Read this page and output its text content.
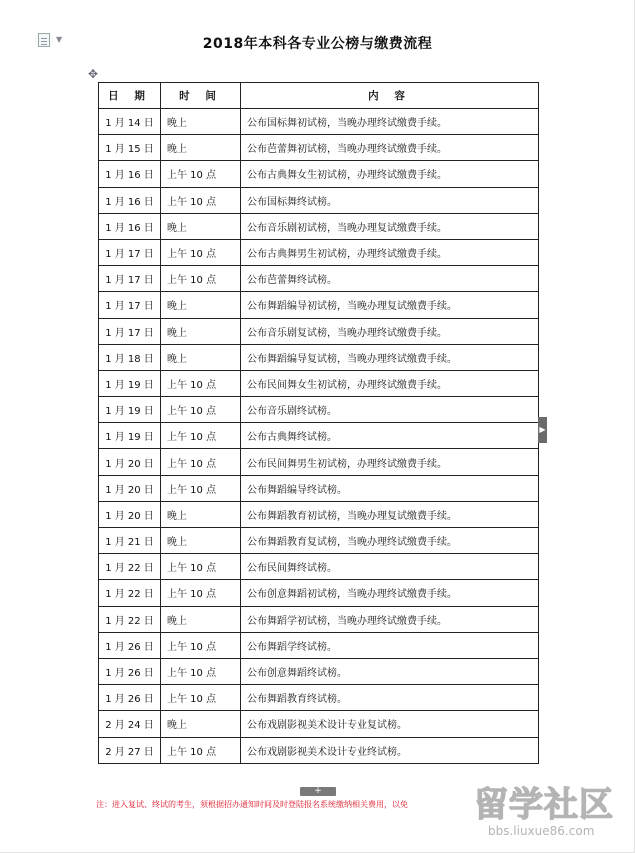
▼	2018年本科各专业公榜与缴费流程
✥
日 期	时 间	内 容
1 月 14 日	晚上	公布国标舞初试榜，当晚办理终试缴费手续。
1 月 15 日	晚上	公布芭蕾舞初试榜，当晚办理终试缴费手续。
1 月 16 日	上午 10 点	公布古典舞女生初试榜，办理终试缴费手续。
1 月 16 日	上午 10 点	公布国标舞终试榜。
1 月 16 日	晚上	公布音乐剧初试榜，当晚办理复试缴费手续。
1 月 17 日	上午 10 点	公布古典舞男生初试榜，办理终试缴费手续。
1 月 17 日	上午 10 点	公布芭蕾舞终试榜。
1 月 17 日	晚上	公布舞蹈编导初试榜，当晚办理复试缴费手续。
1 月 17 日	晚上	公布音乐剧复试榜，当晚办理终试缴费手续。
1 月 18 日	晚上	公布舞蹈编导复试榜，当晚办理终试缴费手续。
1 月 19 日	上午 10 点	公布民间舞女生初试榜，办理终试缴费手续。
1 月 19 日	上午 10 点	公布音乐剧终试榜。
1 月 19 日	上午 10 点	公布古典舞终试榜。
1 月 20 日	上午 10 点	公布民间舞男生初试榜，办理终试缴费手续。
1 月 20 日	上午 10 点	公布舞蹈编导终试榜。
1 月 20 日	晚上	公布舞蹈教育初试榜，当晚办理复试缴费手续。
1 月 21 日	晚上	公布舞蹈教育复试榜，当晚办理终试缴费手续。
1 月 22 日	上午 10 点	公布民间舞终试榜。
1 月 22 日	上午 10 点	公布创意舞蹈初试榜，当晚办理终试缴费手续。
1 月 22 日	晚上	公布舞蹈学初试榜，当晚办理终试缴费手续。
1 月 26 日	上午 10 点	公布舞蹈学终试榜。
1 月 26 日	上午 10 点	公布创意舞蹈终试榜。
1 月 26 日	上午 10 点	公布舞蹈教育终试榜。
2 月 24 日	晚上	公布戏剧影视美术设计专业复试榜。
2 月 27 日	上午 10 点	公布戏剧影视美术设计专业终试榜。
▶
+
注：进入复试、终试的考生，须根据招办通知时间及时登陆报名系统缴纳相关费用，以免	留学社区
bbs.liuxue86.com
